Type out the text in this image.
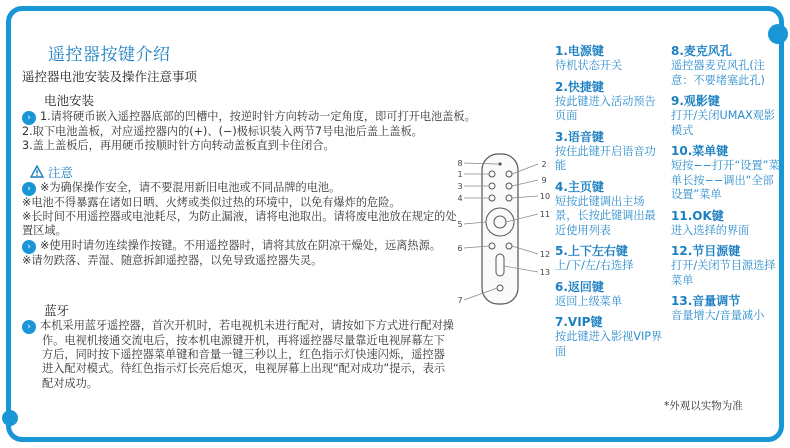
遥控器按键介绍
遥控器电池安装及操作注意事项
电池安装
› 1.请将硬币嵌入遥控器底部的凹槽中，按逆时针方向转动一定角度，即可打开电池盖板。
2.取下电池盖板，对应遥控器内的(+)、(−)极标识装入两节7号电池后盖上盖板。
3.盖上盖板后，再用硬币按顺时针方向转动盖板直到卡住闭合。
注意
› ※为确保操作安全，请不要混用新旧电池或不同品牌的电池。
※电池不得暴露在诸如日晒、火烤或类似过热的环境中，以免有爆炸的危险。
※长时间不用遥控器或电池耗尽，为防止漏液，请将电池取出。请将废电池放在规定的处置区域。
› ※使用时请勿连续操作按键。不用遥控器时，请将其放在阴凉干燥处，远离热源。
※请勿跌落、弄湿、随意拆卸遥控器，以免导致遥控器失灵。
蓝牙
› 本机采用蓝牙遥控器，首次开机时，若电视机未进行配对，请按如下方式进行配对操作。电视机接通交流电后，按本机电源键开机，再将遥控器尽量靠近电视屏幕左下方后，同时按下遥控器菜单键和音量一键三秒以上，红色指示灯快速闪烁，遥控器进入配对模式。待红色指示灯长亮后熄灭，电视屏幕上出现“配对成功”提示，表示配对成功。
8
1
3
4
5
6
7
2
9
10
11
12
13
1.电源键
待机状态开关
2.快捷键
按此键进入活动预告页面
3.语音键
按住此键开启语音功能
4.主页键
短按此键调出主场景，长按此键调出最近使用列表
5.上下左右键
上/下/左/右选择
6.返回键
返回上级菜单
7.VIP键
按此键进入影视VIP界面
8.麦克风孔
遥控器麦克风孔(注意：不要堵塞此孔)
9.观影键
打开/关闭UMAX观影模式
10.菜单键
短按−−打开“设置”菜单长按−−调出“全部设置”菜单
11.OK键
进入选择的界面
12.节目源键
打开/关闭节目源选择菜单
13.音量调节
音量增大/音量减小
*外观以实物为准
